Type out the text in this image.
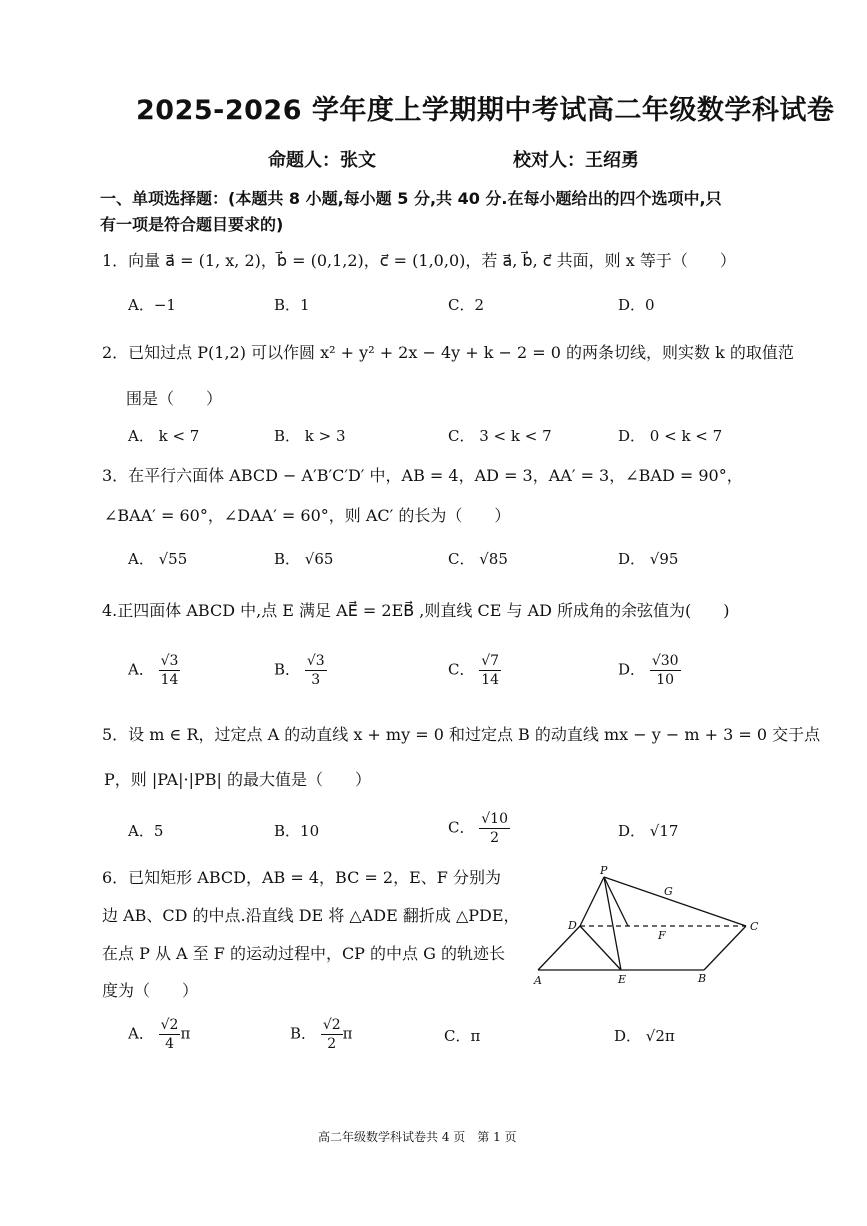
2025-2026 学年度上学期期中考试高二年级数学科试卷
命题人：张文	校对人：王绍勇
一、单项选择题：(本题共 8 小题,每小题 5 分,共 40 分.在每小题给出的四个选项中,只
有一项是符合题目要求的)
1．向量 a⃗ = (1, x, 2)，b⃗ = (0,1,2)，c⃗ = (1,0,0)，若 a⃗, b⃗, c⃗ 共面，则 x 等于（　　）
A．−1	B．1	C．2	D．0
2．已知过点 P(1,2) 可以作圆 x² + y² + 2x − 4y + k − 2 = 0 的两条切线，则实数 k 的取值范
围是（　　）
A． k < 7	B． k > 3	C． 3 < k < 7	D． 0 < k < 7
3．在平行六面体 ABCD − A′B′C′D′ 中，AB = 4，AD = 3，AA′ = 3，∠BAD = 90°，
∠BAA′ = 60°，∠DAA′ = 60°，则 AC′ 的长为（　　）
A． √55	B． √65	C． √85	D． √95
4.正四面体 ABCD 中,点 E 满足 AE⃗ = 2EB⃗ ,则直线 CE 与 AD 所成角的余弦值为(　　)
A． $\frac{√3}{14}$	B． $\frac{√3}{3}$	C． $\frac{√7}{14}$	D． $\frac{√30}{10}$
5．设 m ∈ R，过定点 A 的动直线 x + my = 0 和过定点 B 的动直线 mx − y − m + 3 = 0 交于点
P，则 |PA|·|PB| 的最大值是（　　）
A．5	B．10	C． $\frac{√10}{2}$	D． √17
6．已知矩形 ABCD，AB = 4，BC = 2，E、F 分别为
边 AB、CD 的中点.沿直线 DE 将 △ADE 翻折成 △PDE，
在点 P 从 A 至 F 的运动过程中，CP 的中点 G 的轨迹长
度为（　　）
P
G
D	C
F
A	E	B
A． $\frac{√2}{4}$ π	B． $\frac{√2}{2}$ π	C．π	D． √2π
高二年级数学科试卷共 4 页　第 1 页
